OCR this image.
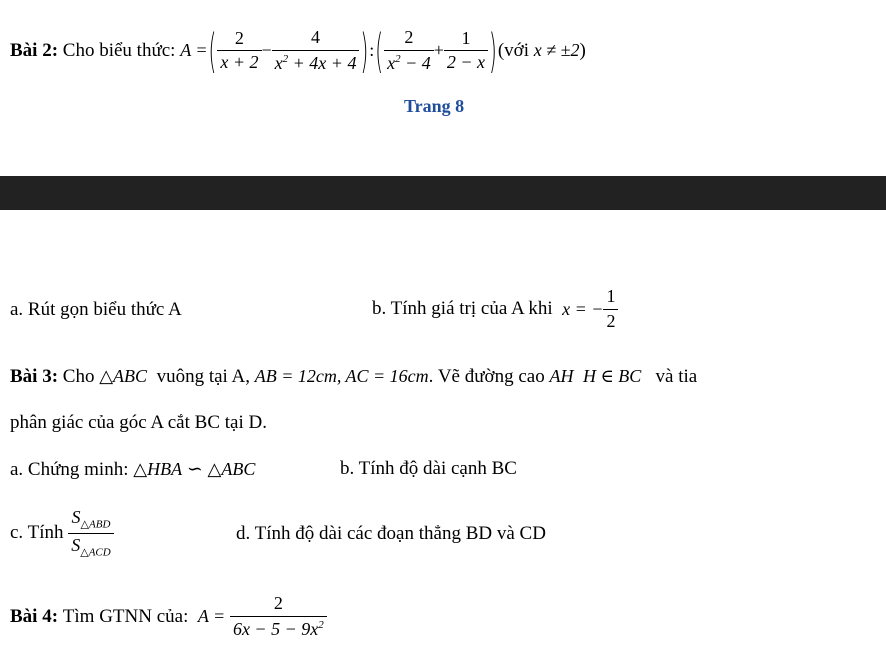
Bài 2:
Cho biểu thức:
A = ( $\frac{2}{x + 2} - \frac{4}{x^2 + 4x + 4}$ ) : ( $\frac{2}{x^2 - 4} + \frac{1}{2 - x}$ ) (với
x ≠ ±2 )
Trang 8
a. Rút gọn biểu thức A	b. Tính giá trị của A khi
x = − $\frac{1}{2}$
Bài 3: Cho △ABC vuông tại A, AB = 12cm, AC = 16cm. Vẽ đường cao AH H ∈ BC và tia
phân giác của góc A cắt BC tại D.
a. Chứng minh: △HBA ∽ △ABC	b. Tính độ dài cạnh BC
c. Tính
$\frac{S_{\triangle ABD}}{S_{\triangle ACD}}$	d. Tính độ dài các đoạn thẳng BD và CD
Bài 4:
Tìm GTNN của:
A =
$\frac{2}{6x - 5 - 9x^2}$
